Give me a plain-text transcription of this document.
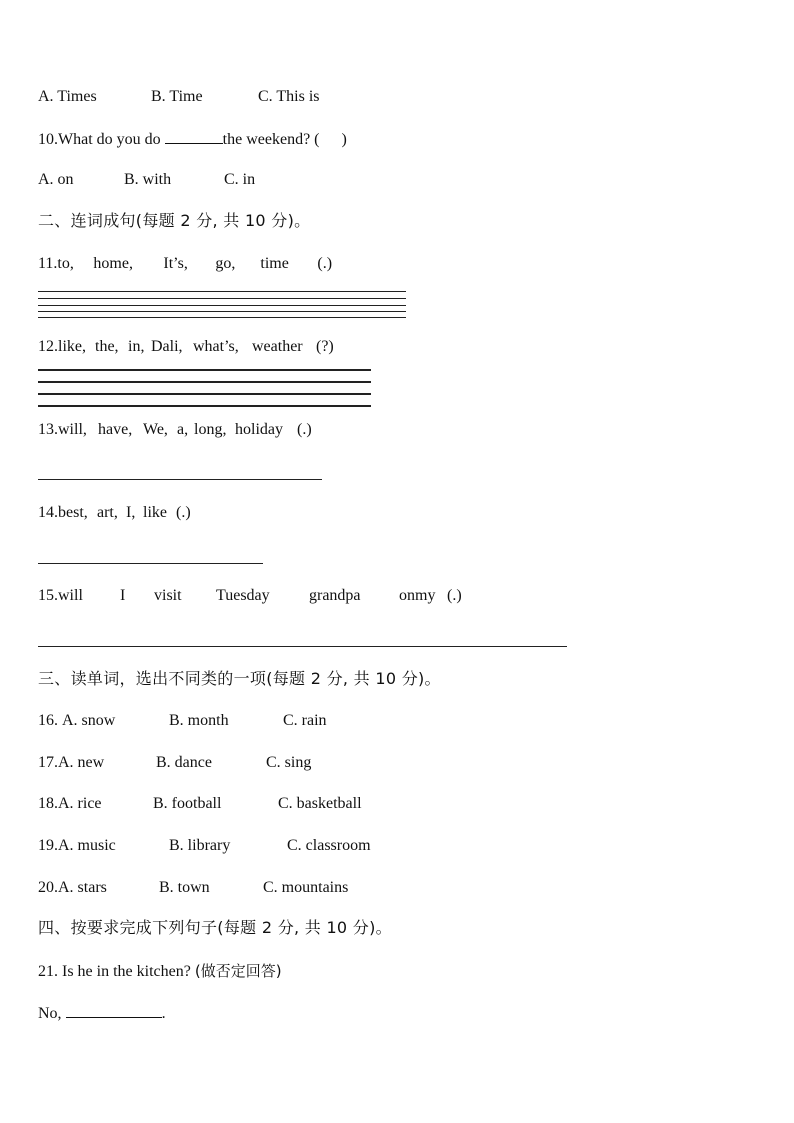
A. Times	B. Time	C. This is
10.What do you do	the weekend? ( )
A. on	B. with	C. in
二、连词成句(每题 2 分, 共 10 分)。
11.to, home, It’s, go, time (.)
12.like, the, in, Dali, what’s, weather (?)
13.will, have, We, a, long, holiday (.)
14.best, art, I, like (.)
15.will I visit Tuesday grandpa onmy (.)
三、读单词，选出不同类的一项(每题 2 分, 共 10 分)。
16. A. snow	B. month	C. rain
17.A. new	B. dance	C. sing
18.A. rice	B. football	C. basketball
19.A. music	B. library	C. classroom
20.A. stars	B. town	C. mountains
四、按要求完成下列句子(每题 2 分, 共 10 分)。
21. Is he in the kitchen? (做否定回答)
No,	.
